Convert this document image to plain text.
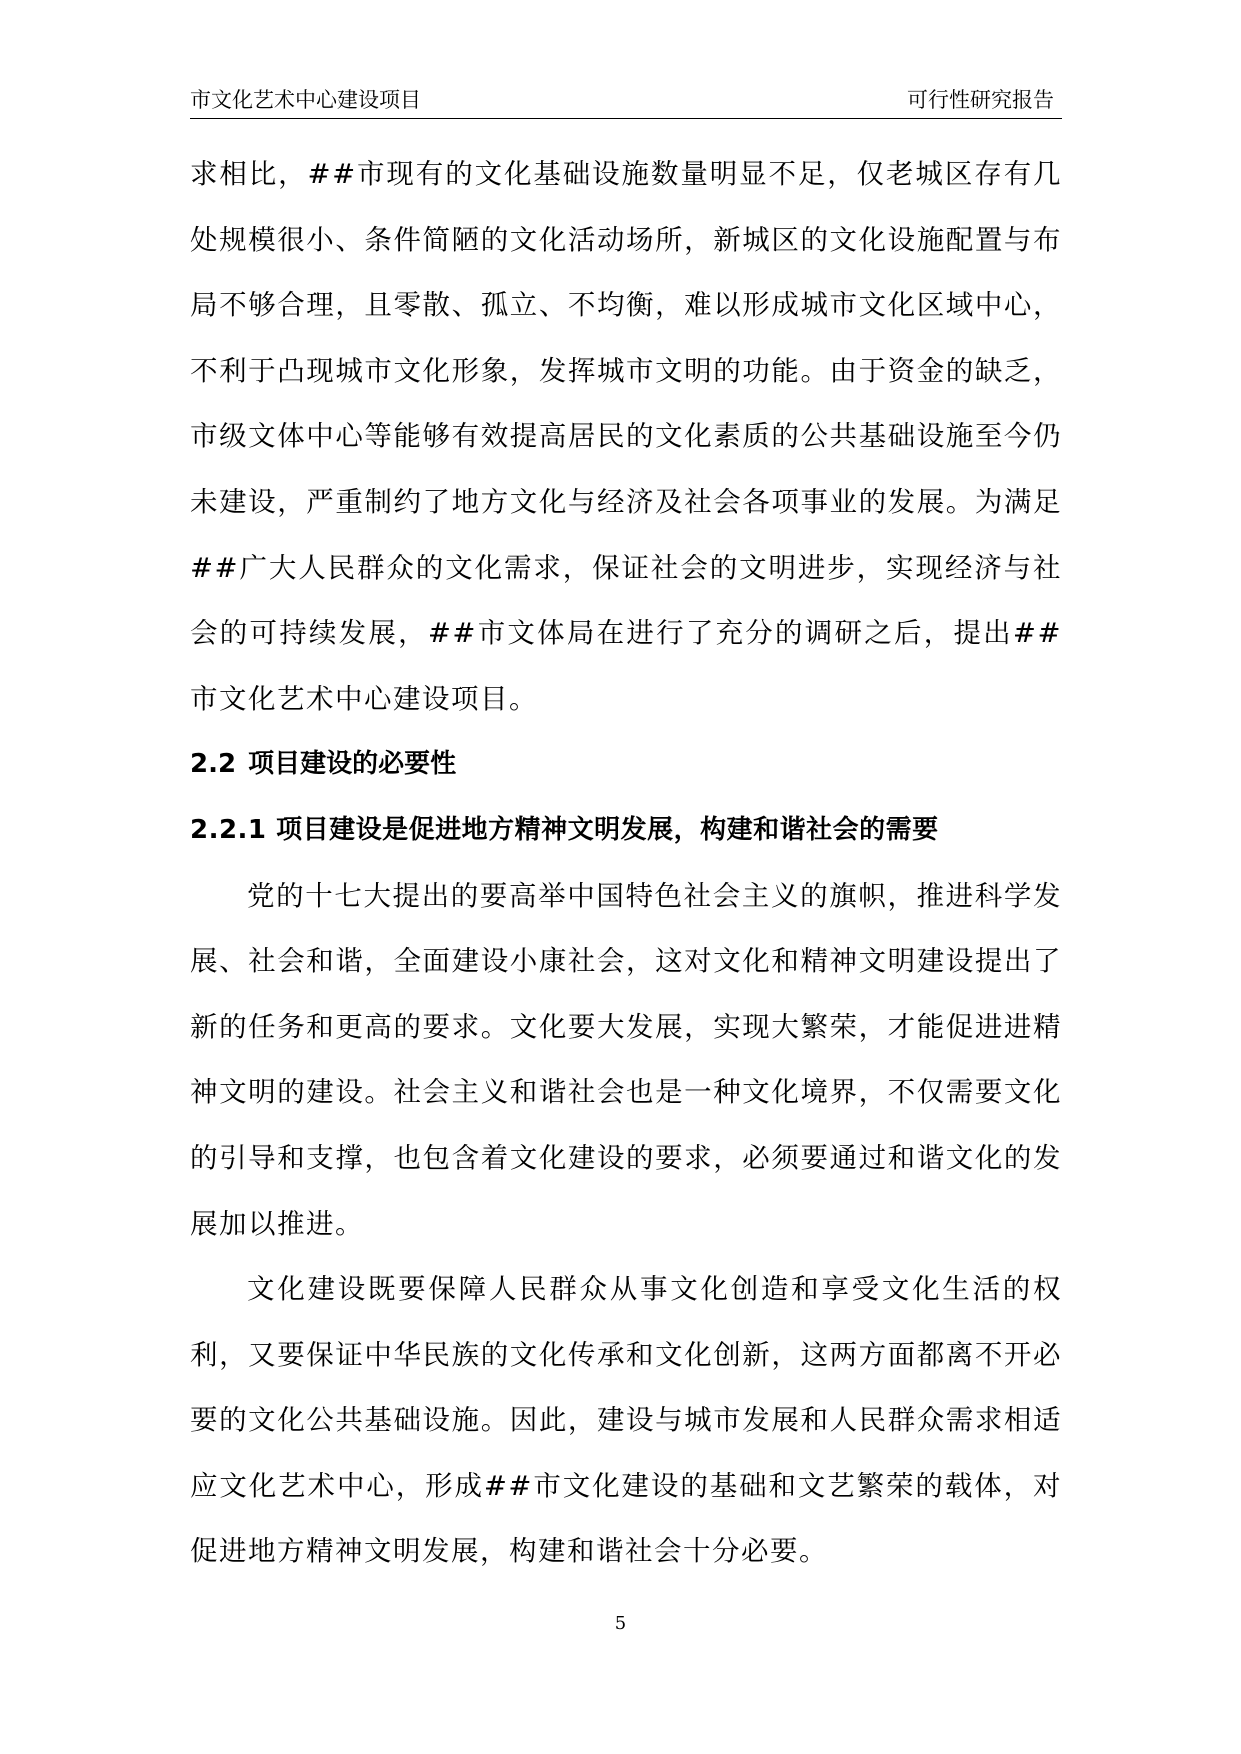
市文化艺术中心建设项目	可行性研究报告

求相比，##市现有的文化基础设施数量明显不足，仅老城区存有几处规模很小、条件简陋的文化活动场所，新城区的文化设施配置与布局不够合理，且零散、孤立、不均衡，难以形成城市文化区域中心，不利于凸现城市文化形象，发挥城市文明的功能。由于资金的缺乏，市级文体中心等能够有效提高居民的文化素质的公共基础设施至今仍未建设，严重制约了地方文化与经济及社会各项事业的发展。为满足##广大人民群众的文化需求，保证社会的文明进步，实现经济与社会的可持续发展，##市文体局在进行了充分的调研之后，提出##市文化艺术中心建设项目。

2.2 项目建设的必要性
2.2.1 项目建设是促进地方精神文明发展，构建和谐社会的需要

党的十七大提出的要高举中国特色社会主义的旗帜，推进科学发展、社会和谐，全面建设小康社会，这对文化和精神文明建设提出了新的任务和更高的要求。文化要大发展，实现大繁荣，才能促进进精神文明的建设。社会主义和谐社会也是一种文化境界，不仅需要文化的引导和支撑，也包含着文化建设的要求，必须要通过和谐文化的发展加以推进。

文化建设既要保障人民群众从事文化创造和享受文化生活的权利，又要保证中华民族的文化传承和文化创新，这两方面都离不开必要的文化公共基础设施。因此，建设与城市发展和人民群众需求相适应文化艺术中心，形成##市文化建设的基础和文艺繁荣的载体，对促进地方精神文明发展，构建和谐社会十分必要。

5
